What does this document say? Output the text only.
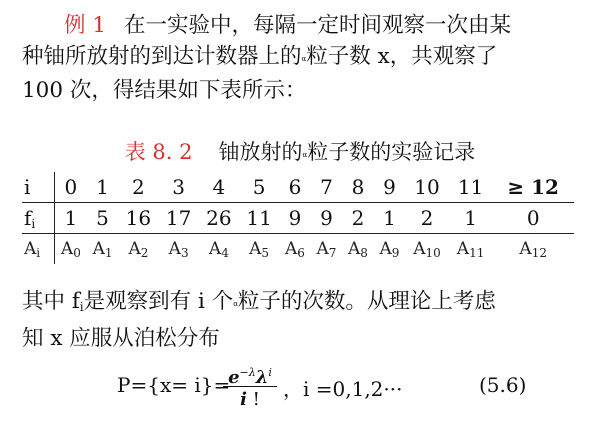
例 1 在一实验中，每隔一定时间观察一次由某
种铀所放射的到达计数器上的α粒子数 x，共观察了
100 次，得结果如下表所示：
表 8. 2 铀放射的α粒子数的实验记录
i	0	1	2	3	4	5	6	7	8	9	10	11	≥ 12
$f_i$	1	5	16	17	26	11	9	9	2	1	2	1	0
$A_i$	$A_0$	$A_1$	$A_2$	$A_3$	$A_4$	$A_5$	$A_6$	$A_7$	$A_8$	$A_9$	$A_{10}$	$A_{11}$	$A_{12}$
其中 $f_i$是观察到有 i 个α粒子的次数。从理论上考虑
知 x 应服从泊松分布
P={x= i}=
$e^{-\lambda}\lambda^i$
i !	，i =0,1,2···	(5.6)
